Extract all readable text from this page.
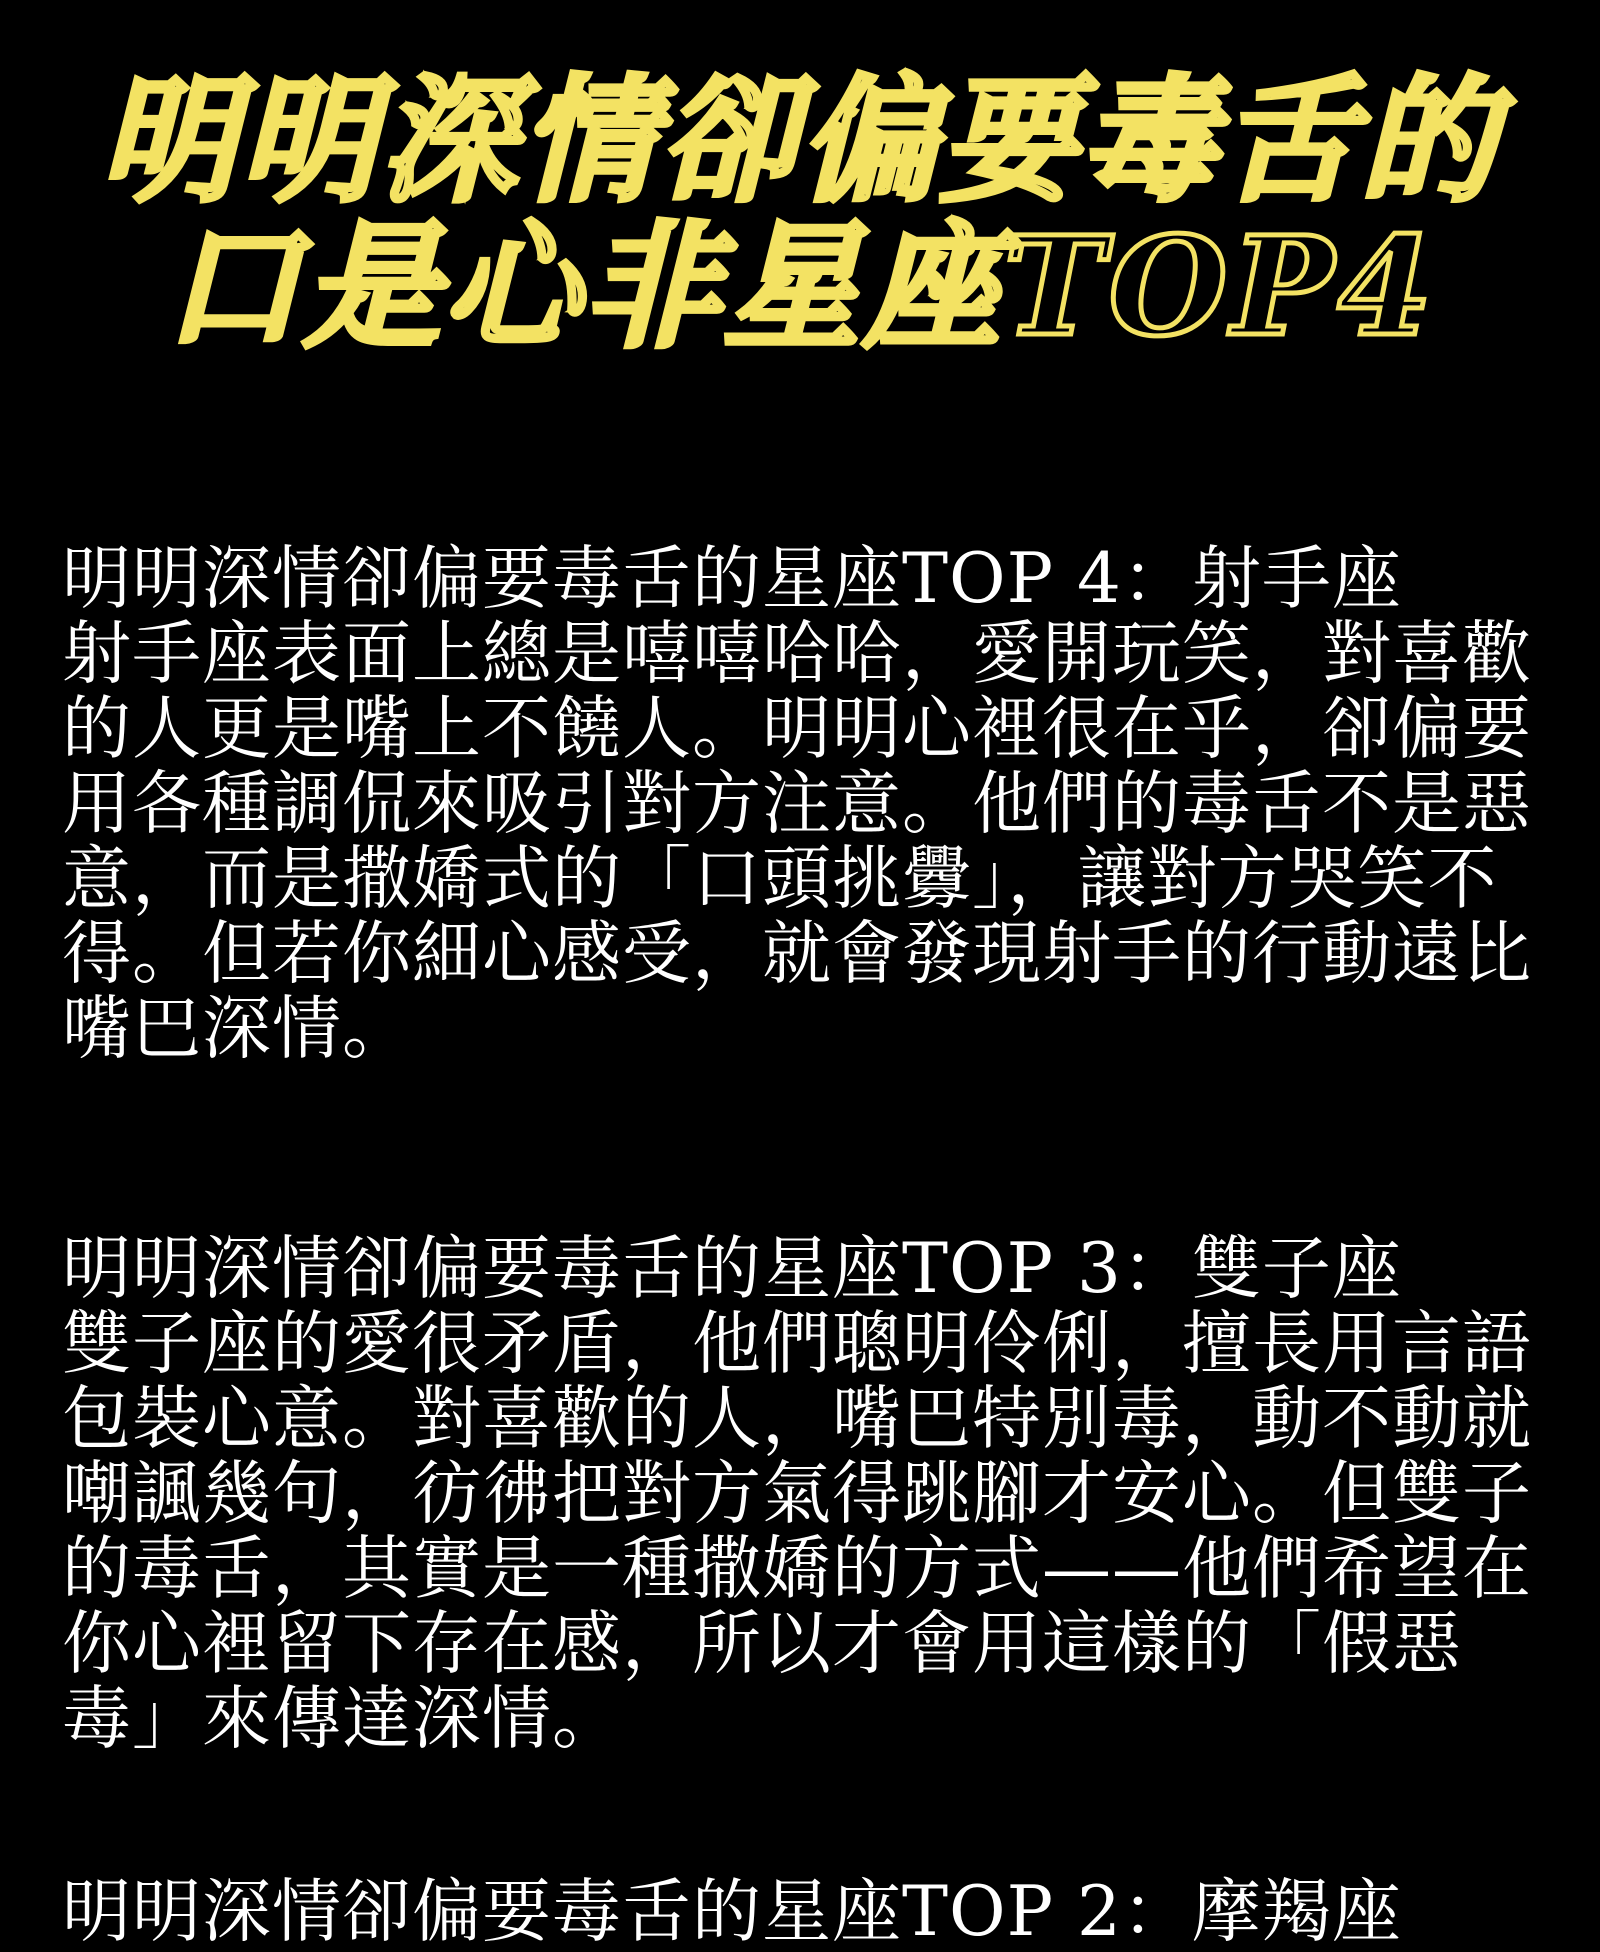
明明深情卻偏要毒舌的
口是心非星座TOP4
明明深情卻偏要毒舌的星座TOP 4：射手座
射手座表面上總是嘻嘻哈哈，愛開玩笑，對喜歡的人更是嘴上不饒人。明明心裡很在乎，卻偏要用各種調侃來吸引對方注意。他們的毒舌不是惡意，而是撒嬌式的「口頭挑釁」，讓對方哭笑不得。但若你細心感受，就會發現射手的行動遠比嘴巴深情。
明明深情卻偏要毒舌的星座TOP 3：雙子座
雙子座的愛很矛盾，他們聰明伶俐，擅長用言語包裝心意。對喜歡的人，嘴巴特別毒，動不動就嘲諷幾句，彷彿把對方氣得跳腳才安心。但雙子的毒舌，其實是一種撒嬌的方式——他們希望在你心裡留下存在感，所以才會用這樣的「假惡毒」來傳達深情。
明明深情卻偏要毒舌的星座TOP 2：摩羯座
